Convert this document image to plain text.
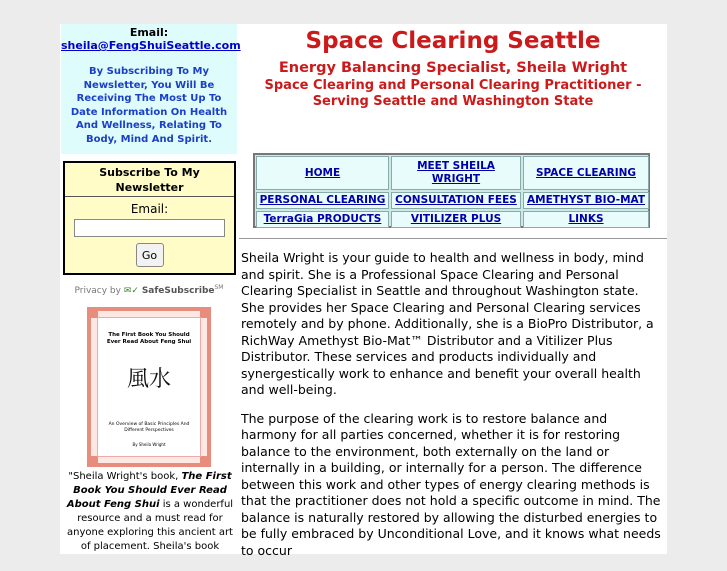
Email:
sheila@FengShuiSeattle.com
By Subscribing To My Newsletter, You Will Be Receiving The Most Up To Date Information On Health And Wellness, Relating To Body, Mind And Spirit.
Subscribe To My Newsletter
Email:
Go
Privacy by ✉︎✓ SafeSubscribe℠
The First Book You Should Ever Read About Feng Shui
風水
An Overview of Basic Principles And Different Perspectives
By Sheila Wright
"Sheila Wright's book, The First Book You Should Ever Read About Feng Shui is a wonderful resource and a must read for anyone exploring this ancient art of placement. Sheila's book
Space Clearing Seattle
Energy Balancing Specialist, Sheila Wright
Space Clearing and Personal Clearing Practitioner - Serving Seattle and Washington State
HOME
MEET SHEILA WRIGHT
SPACE CLEARING
PERSONAL CLEARING CONSULTATION FEES AMETHYST BIO-MAT
TerraGia PRODUCTS	VITILIZER PLUS	LINKS

Sheila Wright is your guide to health and wellness in body, mind and spirit. She is a Professional Space Clearing and Personal Clearing Specialist in Seattle and throughout Washington state. She provides her Space Clearing and Personal Clearing services remotely and by phone. Additionally, she is a BioPro Distributor, a RichWay Amethyst Bio-Mat™ Distributor and a Vitilizer Plus Distributor. These services and products individually and synergestically work to enhance and benefit your overall health and well-being.

The purpose of the clearing work is to restore balance and harmony for all parties concerned, whether it is for restoring balance to the environment, both externally on the land or internally in a building, or internally for a person. The difference between this work and other types of energy clearing methods is that the practitioner does not hold a specific outcome in mind. The balance is naturally restored by allowing the disturbed energies to be fully embraced by Unconditional Love, and it knows what needs to occur
